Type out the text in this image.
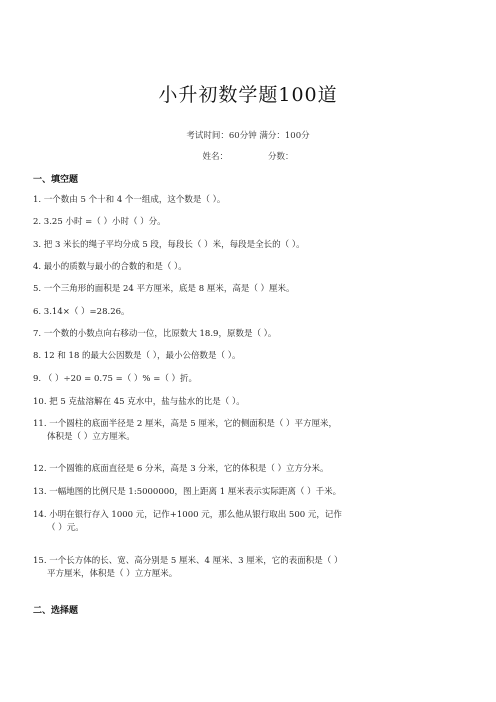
小升初数学题100道
考试时间：60分钟 满分：100分
姓名：	分数：
一、填空题
1. 一个数由 5 个十和 4 个一组成，这个数是（ ）。
2. 3.25 小时 =（ ）小时（ ）分。
3. 把 3 米长的绳子平均分成 5 段，每段长（ ）米，每段是全长的（ ）。
4. 最小的质数与最小的合数的和是（ ）。
5. 一个三角形的面积是 24 平方厘米，底是 8 厘米，高是（ ）厘米。
6. 3.14×（ ）=28.26。
7. 一个数的小数点向右移动一位，比原数大 18.9，原数是（ ）。
8. 12 和 18 的最大公因数是（ ），最小公倍数是（ ）。
9. （ ）÷20 = 0.75 =（ ）% =（ ）折。
10. 把 5 克盐溶解在 45 克水中，盐与盐水的比是（ ）。
11. 一个圆柱的底面半径是 2 厘米，高是 5 厘米，它的侧面积是（ ）平方厘米，
体积是（ ）立方厘米。
12. 一个圆锥的底面直径是 6 分米，高是 3 分米，它的体积是（ ）立方分米。
13. 一幅地图的比例尺是 1:5000000，图上距离 1 厘米表示实际距离（ ）千米。
14. 小明在银行存入 1000 元，记作+1000 元，那么他从银行取出 500 元，记作
（ ）元。
15. 一个长方体的长、宽、高分别是 5 厘米、4 厘米、3 厘米，它的表面积是（ ）
平方厘米，体积是（ ）立方厘米。
二、选择题
